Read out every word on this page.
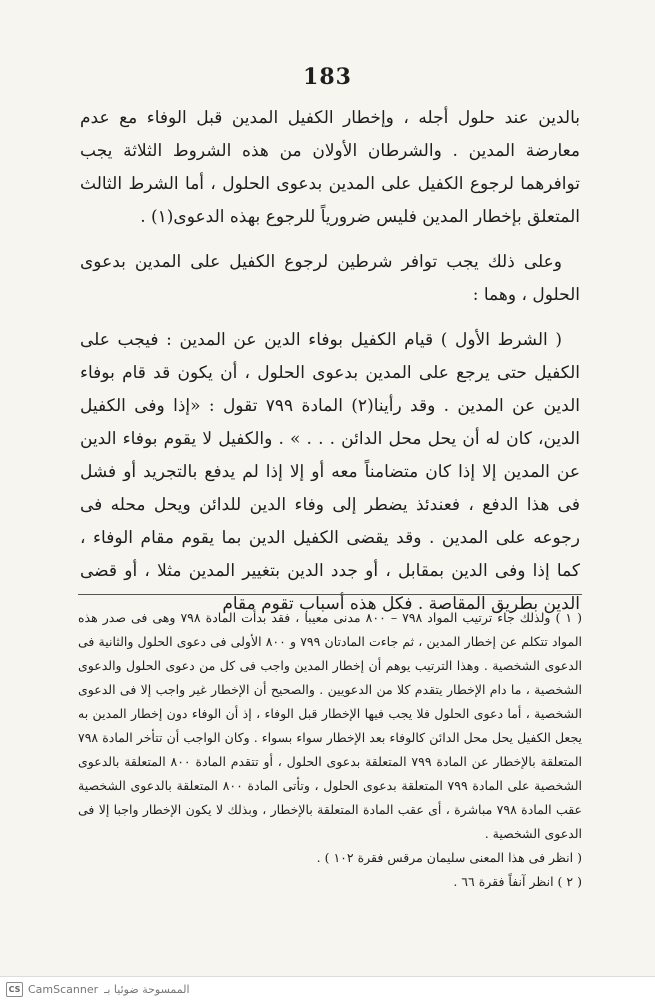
183

بالدين عند حلول أجله ، وإخطار الكفيل المدين قبل الوفاء مع عدم معارضة المدين . والشرطان الأولان من هذه الشروط الثلاثة يجب توافرهما لرجوع الكفيل على المدين بدعوى الحلول ، أما الشرط الثالث المتعلق بإخطار المدين فليس ضرورياً للرجوع بهذه الدعوى(١) .

وعلى ذلك يجب توافر شرطين لرجوع الكفيل على المدين بدعوى الحلول ، وهما :

( الشرط الأول ) قيام الكفيل بوفاء الدين عن المدين : فيجب على الكفيل حتى يرجع على المدين بدعوى الحلول ، أن يكون قد قام بوفاء الدين عن المدين . وقد رأينا(٢) المادة ٧٩٩ تقول : «إذا وفى الكفيل الدين، كان له أن يحل محل الدائن . . . » . والكفيل لا يقوم بوفاء الدين عن المدين إلا إذا كان متضامناً معه أو إلا إذا لم يدفع بالتجريد أو فشل فى هذا الدفع ، فعندئذ يضطر إلى وفاء الدين للدائن ويحل محله فى رجوعه على المدين . وقد يقضى الكفيل الدين بما يقوم مقام الوفاء ، كما إذا وفى الدين بمقابل ، أو جدد الدين بتغيير المدين مثلا ، أو قضى الدين بطريق المقاصة . فكل هذه أسباب تقوم مقام

( ١ ) ولذلك جاء ترتيب المواد ٧٩٨ – ٨٠٠ مدنى معيبا ، فقد بدأت المادة ٧٩٨ وهى فى صدر هذه المواد تتكلم عن إخطار المدين ، ثم جاءت المادتان ٧٩٩ و ٨٠٠ الأولى فى دعوى الحلول والثانية فى الدعوى الشخصية . وهذا الترتيب يوهم أن إخطار المدين واجب فى كل من دعوى الحلول والدعوى الشخصية ، ما دام الإخطار يتقدم كلا من الدعويين . والصحيح أن الإخطار غير واجب إلا فى الدعوى الشخصية ، أما دعوى الحلول فلا يجب فيها الإخطار قبل الوفاء ، إذ أن الوفاء دون إخطار المدين به يجعل الكفيل يحل محل الدائن كالوفاء بعد الإخطار سواء بسواء . وكان الواجب أن تتأخر المادة ٧٩٨ المتعلقة بالإخطار عن المادة ٧٩٩ المتعلقة بدعوى الحلول ، أو تتقدم المادة ٨٠٠ المتعلقة بالدعوى الشخصية على المادة ٧٩٩ المتعلقة بدعوى الحلول ، وتأتى المادة ٨٠٠ المتعلقة بالدعوى الشخصية عقب المادة ٧٩٨ مباشرة ، أى عقب المادة المتعلقة بالإخطار ، وبذلك لا يكون الإخطار واجبا إلا فى الدعوى الشخصية .

( انظر فى هذا المعنى سليمان مرقس فقرة ١٠٢ ) .

( ٢ ) انظر آنفاً فقرة ٦٦ .

CS CamScanner الممسوحة ضوئيا بـ
